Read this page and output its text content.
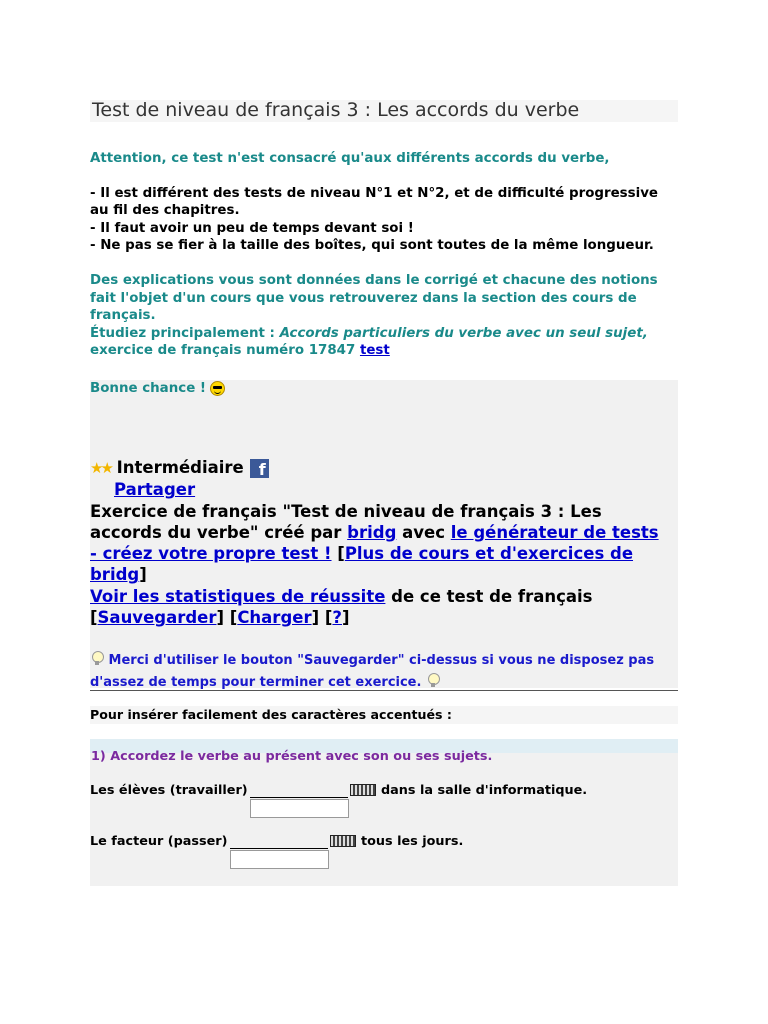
Test de niveau de français 3 : Les accords du verbe

Attention, ce test n'est consacré qu'aux différents accords du verbe,

- Il est différent des tests de niveau N°1 et N°2, et de difficulté progressive au fil des chapitres.

- Il faut avoir un peu de temps devant soi !

- Ne pas se fier à la taille des boîtes, qui sont toutes de la même longueur.

Des explications vous sont données dans le corrigé et chacune des notions fait l'objet d'un cours que vous retrouverez dans la section des cours de français.

Étudiez principalement : Accords particuliers du verbe avec un seul sujet,

exercice de français numéro 17847 test

Bonne chance !
★★ Intermédiaire f
Partager
Exercice de français "Test de niveau de français 3 : Les
accords du verbe" créé par bridg avec le générateur de tests
- créez votre propre test ! [Plus de cours et d'exercices de
bridg]
Voir les statistiques de réussite de ce test de français
[Sauvegarder] [Charger] [?]
Merci d'utiliser le bouton "Sauvegarder" ci-dessus si vous ne disposez pas d'assez de temps pour terminer cet exercice.
Pour insérer facilement des caractères accentués :
1) Accordez le verbe au présent avec son ou ses sujets.
Les élèves (travailler)	dans la salle d'informatique.
Le facteur (passer)	tous les jours.
